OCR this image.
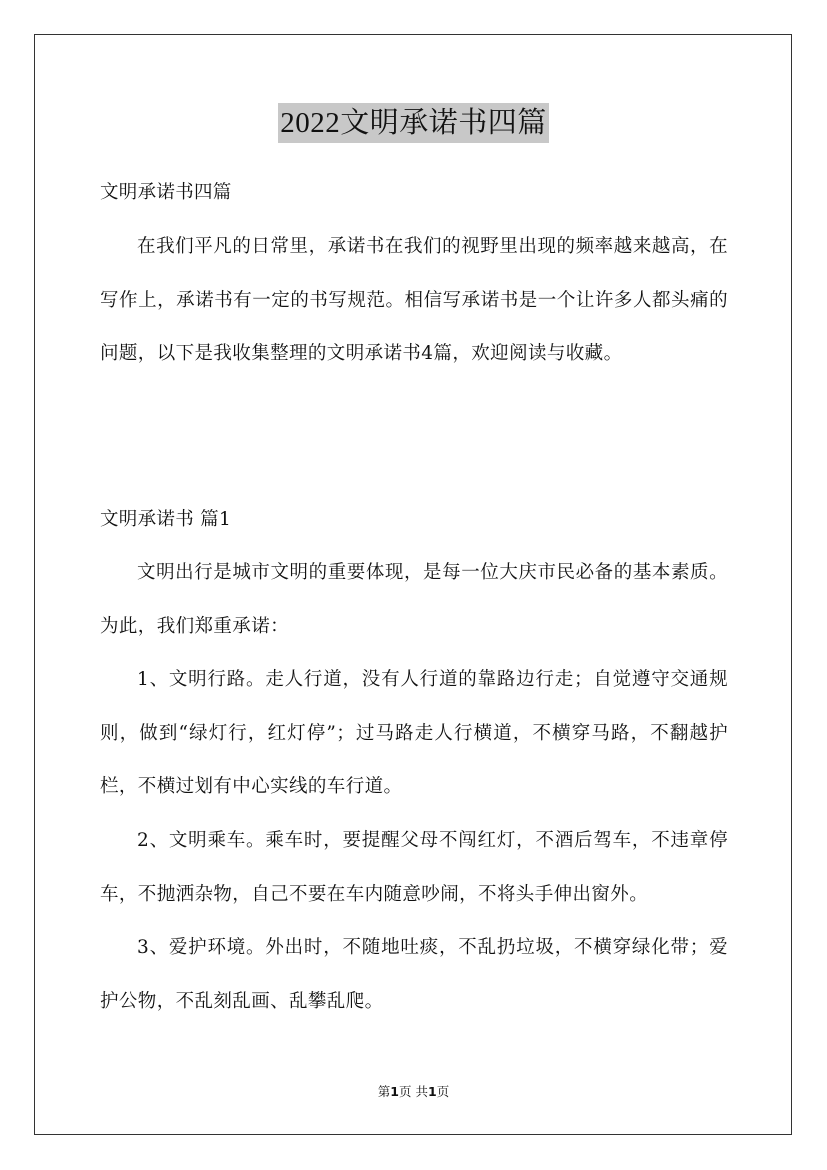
2022文明承诺书四篇

文明承诺书四篇

在我们平凡的日常里，承诺书在我们的视野里出现的频率越来越高，在写作上，承诺书有一定的书写规范。相信写承诺书是一个让许多人都头痛的问题，以下是我收集整理的文明承诺书4篇，欢迎阅读与收藏。

文明承诺书 篇1

文明出行是城市文明的重要体现，是每一位大庆市民必备的基本素质。为此，我们郑重承诺：

1、文明行路。走人行道，没有人行道的靠路边行走；自觉遵守交通规则，做到“绿灯行，红灯停”；过马路走人行横道，不横穿马路，不翻越护栏，不横过划有中心实线的车行道。

2、文明乘车。乘车时，要提醒父母不闯红灯，不酒后驾车，不违章停车，不抛洒杂物，自己不要在车内随意吵闹，不将头手伸出窗外。

3、爱护环境。外出时，不随地吐痰，不乱扔垃圾，不横穿绿化带；爱护公物，不乱刻乱画、乱攀乱爬。

第1页 共1页
